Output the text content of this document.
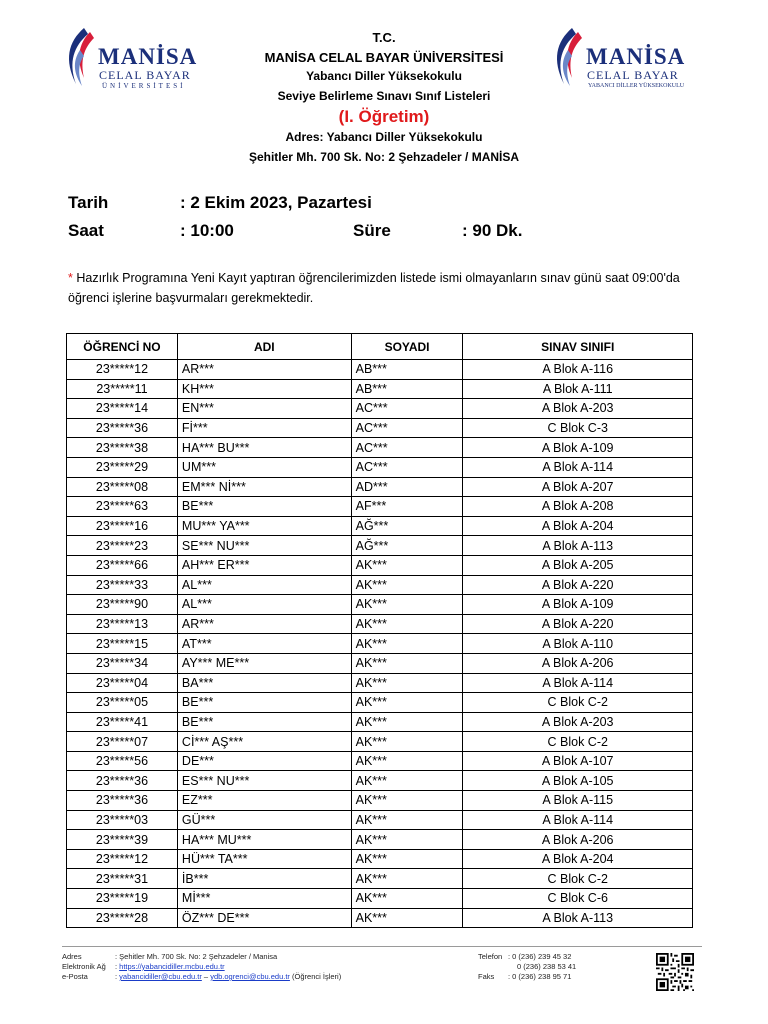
MANİSA
CELAL BAYAR
ÜNİVERSİTESİ
MANİSA
CELAL BAYAR
YABANCI DİLLER YÜKSEKOKULU
T.C.
MANİSA CELAL BAYAR ÜNİVERSİTESİ
Yabancı Diller Yüksekokulu
Seviye Belirleme Sınavı Sınıf Listeleri
(I. Öğretim)
Adres: Yabancı Diller Yüksekokulu
Şehitler Mh. 700 Sk. No: 2 Şehzadeler / MANİSA
Tarih	: 2 Ekim 2023, Pazartesi
Saat	: 10:00	Süre	: 90 Dk.
* Hazırlık Programına Yeni Kayıt yaptıran öğrencilerimizden listede ismi olmayanların sınav günü saat 09:00'da öğrenci işlerine başvurmaları gerekmektedir.
ÖĞRENCİ NO	ADI	SOYADI	SINAV SINIFI
23*****12	AR***	AB***	A Blok A-116
23*****11	KH***	AB***	A Blok A-111
23*****14	EN***	AC***	A Blok A-203
23*****36	Fİ***	AC***	C Blok C-3
23*****38	HA*** BU***	AC***	A Blok A-109
23*****29	UM***	AC***	A Blok A-114
23*****08	EM*** Nİ***	AD***	A Blok A-207
23*****63	BE***	AF***	A Blok A-208
23*****16	MU*** YA***	AĞ***	A Blok A-204
23*****23	SE*** NU***	AĞ***	A Blok A-113
23*****66	AH*** ER***	AK***	A Blok A-205
23*****33	AL***	AK***	A Blok A-220
23*****90	AL***	AK***	A Blok A-109
23*****13	AR***	AK***	A Blok A-220
23*****15	AT***	AK***	A Blok A-110
23*****34	AY*** ME***	AK***	A Blok A-206
23*****04	BA***	AK***	A Blok A-114
23*****05	BE***	AK***	C Blok C-2
23*****41	BE***	AK***	A Blok A-203
23*****07	Cİ*** AŞ***	AK***	C Blok C-2
23*****56	DE***	AK***	A Blok A-107
23*****36	ES*** NU***	AK***	A Blok A-105
23*****36	EZ***	AK***	A Blok A-115
23*****03	GÜ***	AK***	A Blok A-114
23*****39	HA*** MU***	AK***	A Blok A-206
23*****12	HÜ*** TA***	AK***	A Blok A-204
23*****31	İB***	AK***	C Blok C-2
23*****19	Mİ***	AK***	C Blok C-6
23*****28	ÖZ*** DE***	AK***	A Blok A-113
Adres	: Şehitler Mh. 700 Sk. No: 2 Şehzadeler / Manisa
Elektronik Ağ : https://yabancidiller.mcbu.edu.tr
e-Posta	: yabancidiller@cbu.edu.tr – ydb.ogrenci@cbu.edu.tr (Öğrenci İşleri)
Telefon : 0 (236) 239 45 32
0 (236) 238 53 41
Faks : 0 (236) 238 95 71
